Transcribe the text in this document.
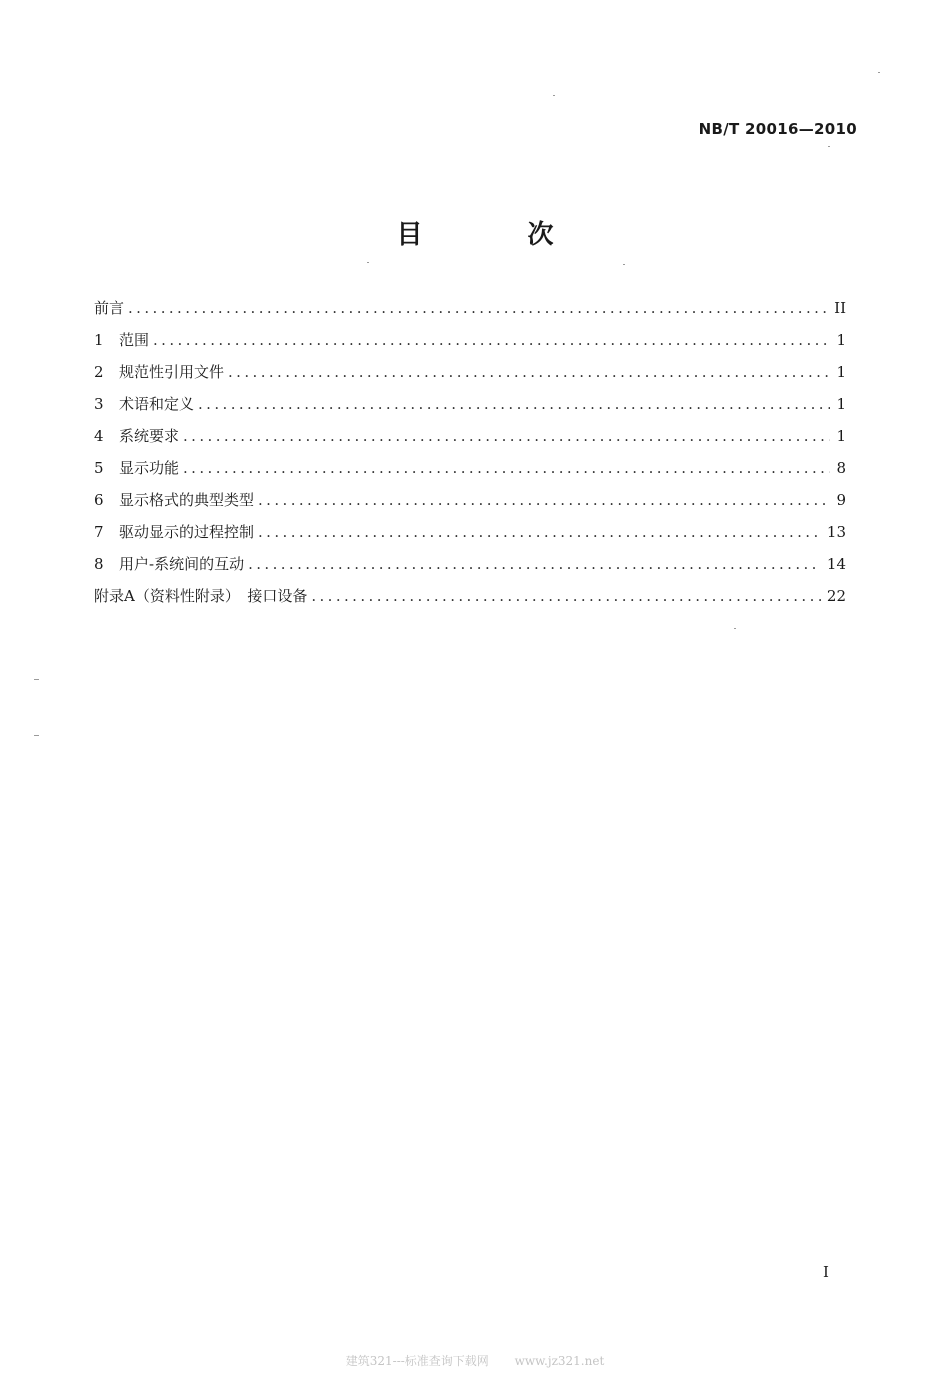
NB/T 20016—2010
目 次
前言 .....	II
1	范围 .....	1
2	规范性引用文件 .....	1
3	术语和定义 .....	1
4	系统要求 .....	1
5	显示功能 .....	8
6	显示格式的典型类型 .....	9
7	驱动显示的过程控制 .....	13
8	用户-系统间的互动 .....	14
附录A（资料性附录）　接口设备 .....	22
I
建筑321---标准查询下载网 www.jz321.net
